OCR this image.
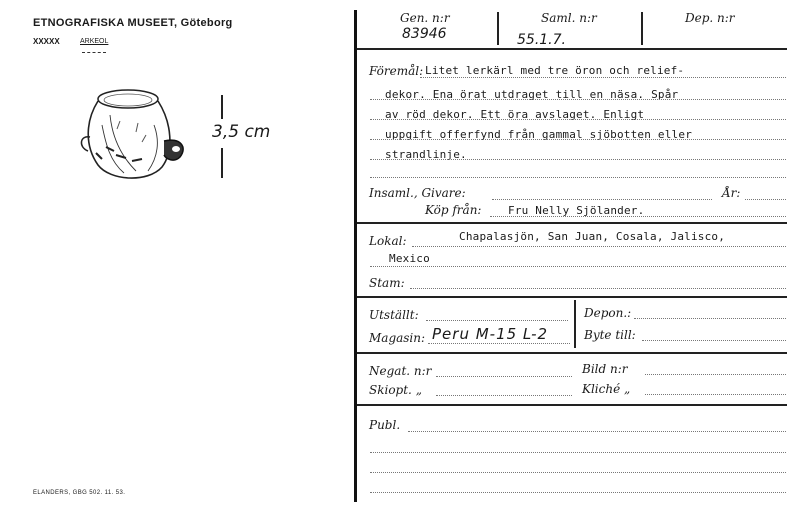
ETNOGRAFISKA MUSEET, Göteborg
XXXXX	ARKEOL
3,5 cm
ELANDERS, GBG 502. 11. 53.
Gen. n:r	Saml. n:r	Dep. n:r
83946	55.1.7.
Föremål: Litet lerkärl med tre öron och relief-
dekor. Ena örat utdraget till en näsa. Spår
av röd dekor. Ett öra avslaget. Enligt
uppgift offerfynd från gammal sjöbotten eller
strandlinje.
Insaml., Givare:	År:
Köp från: Fru Nelly Sjölander.
Lokal:	Chapalasjön, San Juan, Cosala, Jalisco,
Mexico
Stam:
Utställt:	Depon.:
Magasin: Peru M-15 L-2	Byte till:
Negat. n:r	Bild n:r
Skiopt. „	Kliché „
Publ.
